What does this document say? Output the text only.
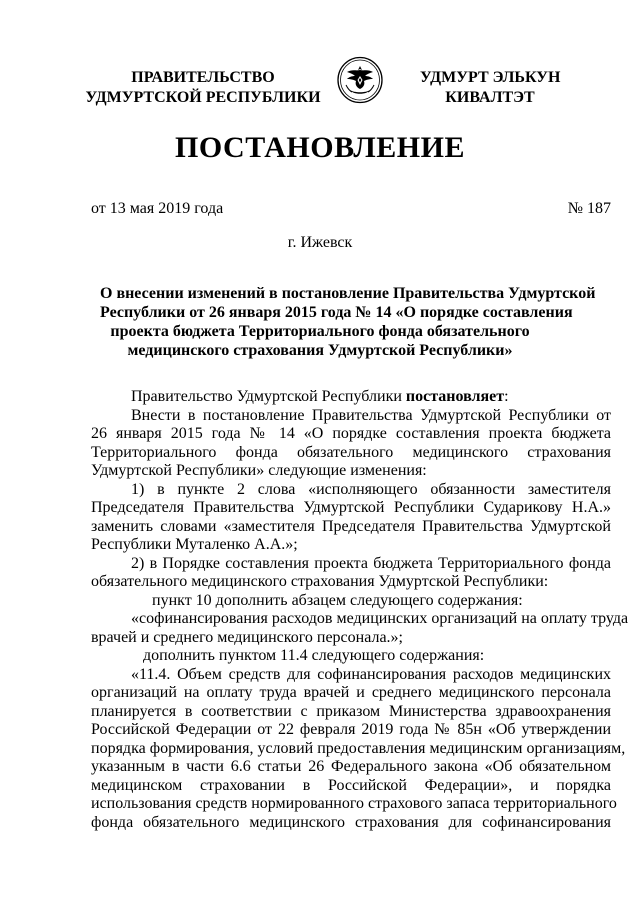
ПРАВИТЕЛЬСТВО
УДМУРТСКОЙ РЕСПУБЛИКИ
УДМУРТ ЭЛЬКУН
КИВАЛТЭТ
ПОСТАНОВЛЕНИЕ
от 13 мая 2019 года	№ 187
г. Ижевск
О внесении изменений в постановление Правительства Удмуртской
Республики от 26 января 2015 года № 14 «О порядке составления
проекта бюджета Территориального фонда обязательного
медицинского страхования Удмуртской Республики»
Правительство Удмуртской Республики постановляет:
Внести в постановление Правительства Удмуртской Республики от
26 января 2015 года № 14 «О порядке составления проекта бюджета
Территориального фонда обязательного медицинского страхования
Удмуртской Республики» следующие изменения:
1) в пункте 2 слова «исполняющего обязанности заместителя
Председателя Правительства Удмуртской Республики Сударикову Н.А.»
заменить словами «заместителя Председателя Правительства Удмуртской
Республики Муталенко А.А.»;
2) в Порядке составления проекта бюджета Территориального фонда
обязательного медицинского страхования Удмуртской Республики:
пункт 10 дополнить абзацем следующего содержания:
«софинансирования расходов медицинских организаций на оплату труда
врачей и среднего медицинского персонала.»;
дополнить пунктом 11.4 следующего содержания:
«11.4. Объем средств для софинансирования расходов медицинских
организаций на оплату труда врачей и среднего медицинского персонала
планируется в соответствии с приказом Министерства здравоохранения
Российской Федерации от 22 февраля 2019 года № 85н «Об утверждении
порядка формирования, условий предоставления медицинским организациям,
указанным в части 6.6 статьи 26 Федерального закона «Об обязательном
медицинском страховании в Российской Федерации», и порядка
использования средств нормированного страхового запаса территориального
фонда обязательного медицинского страхования для софинансирования
